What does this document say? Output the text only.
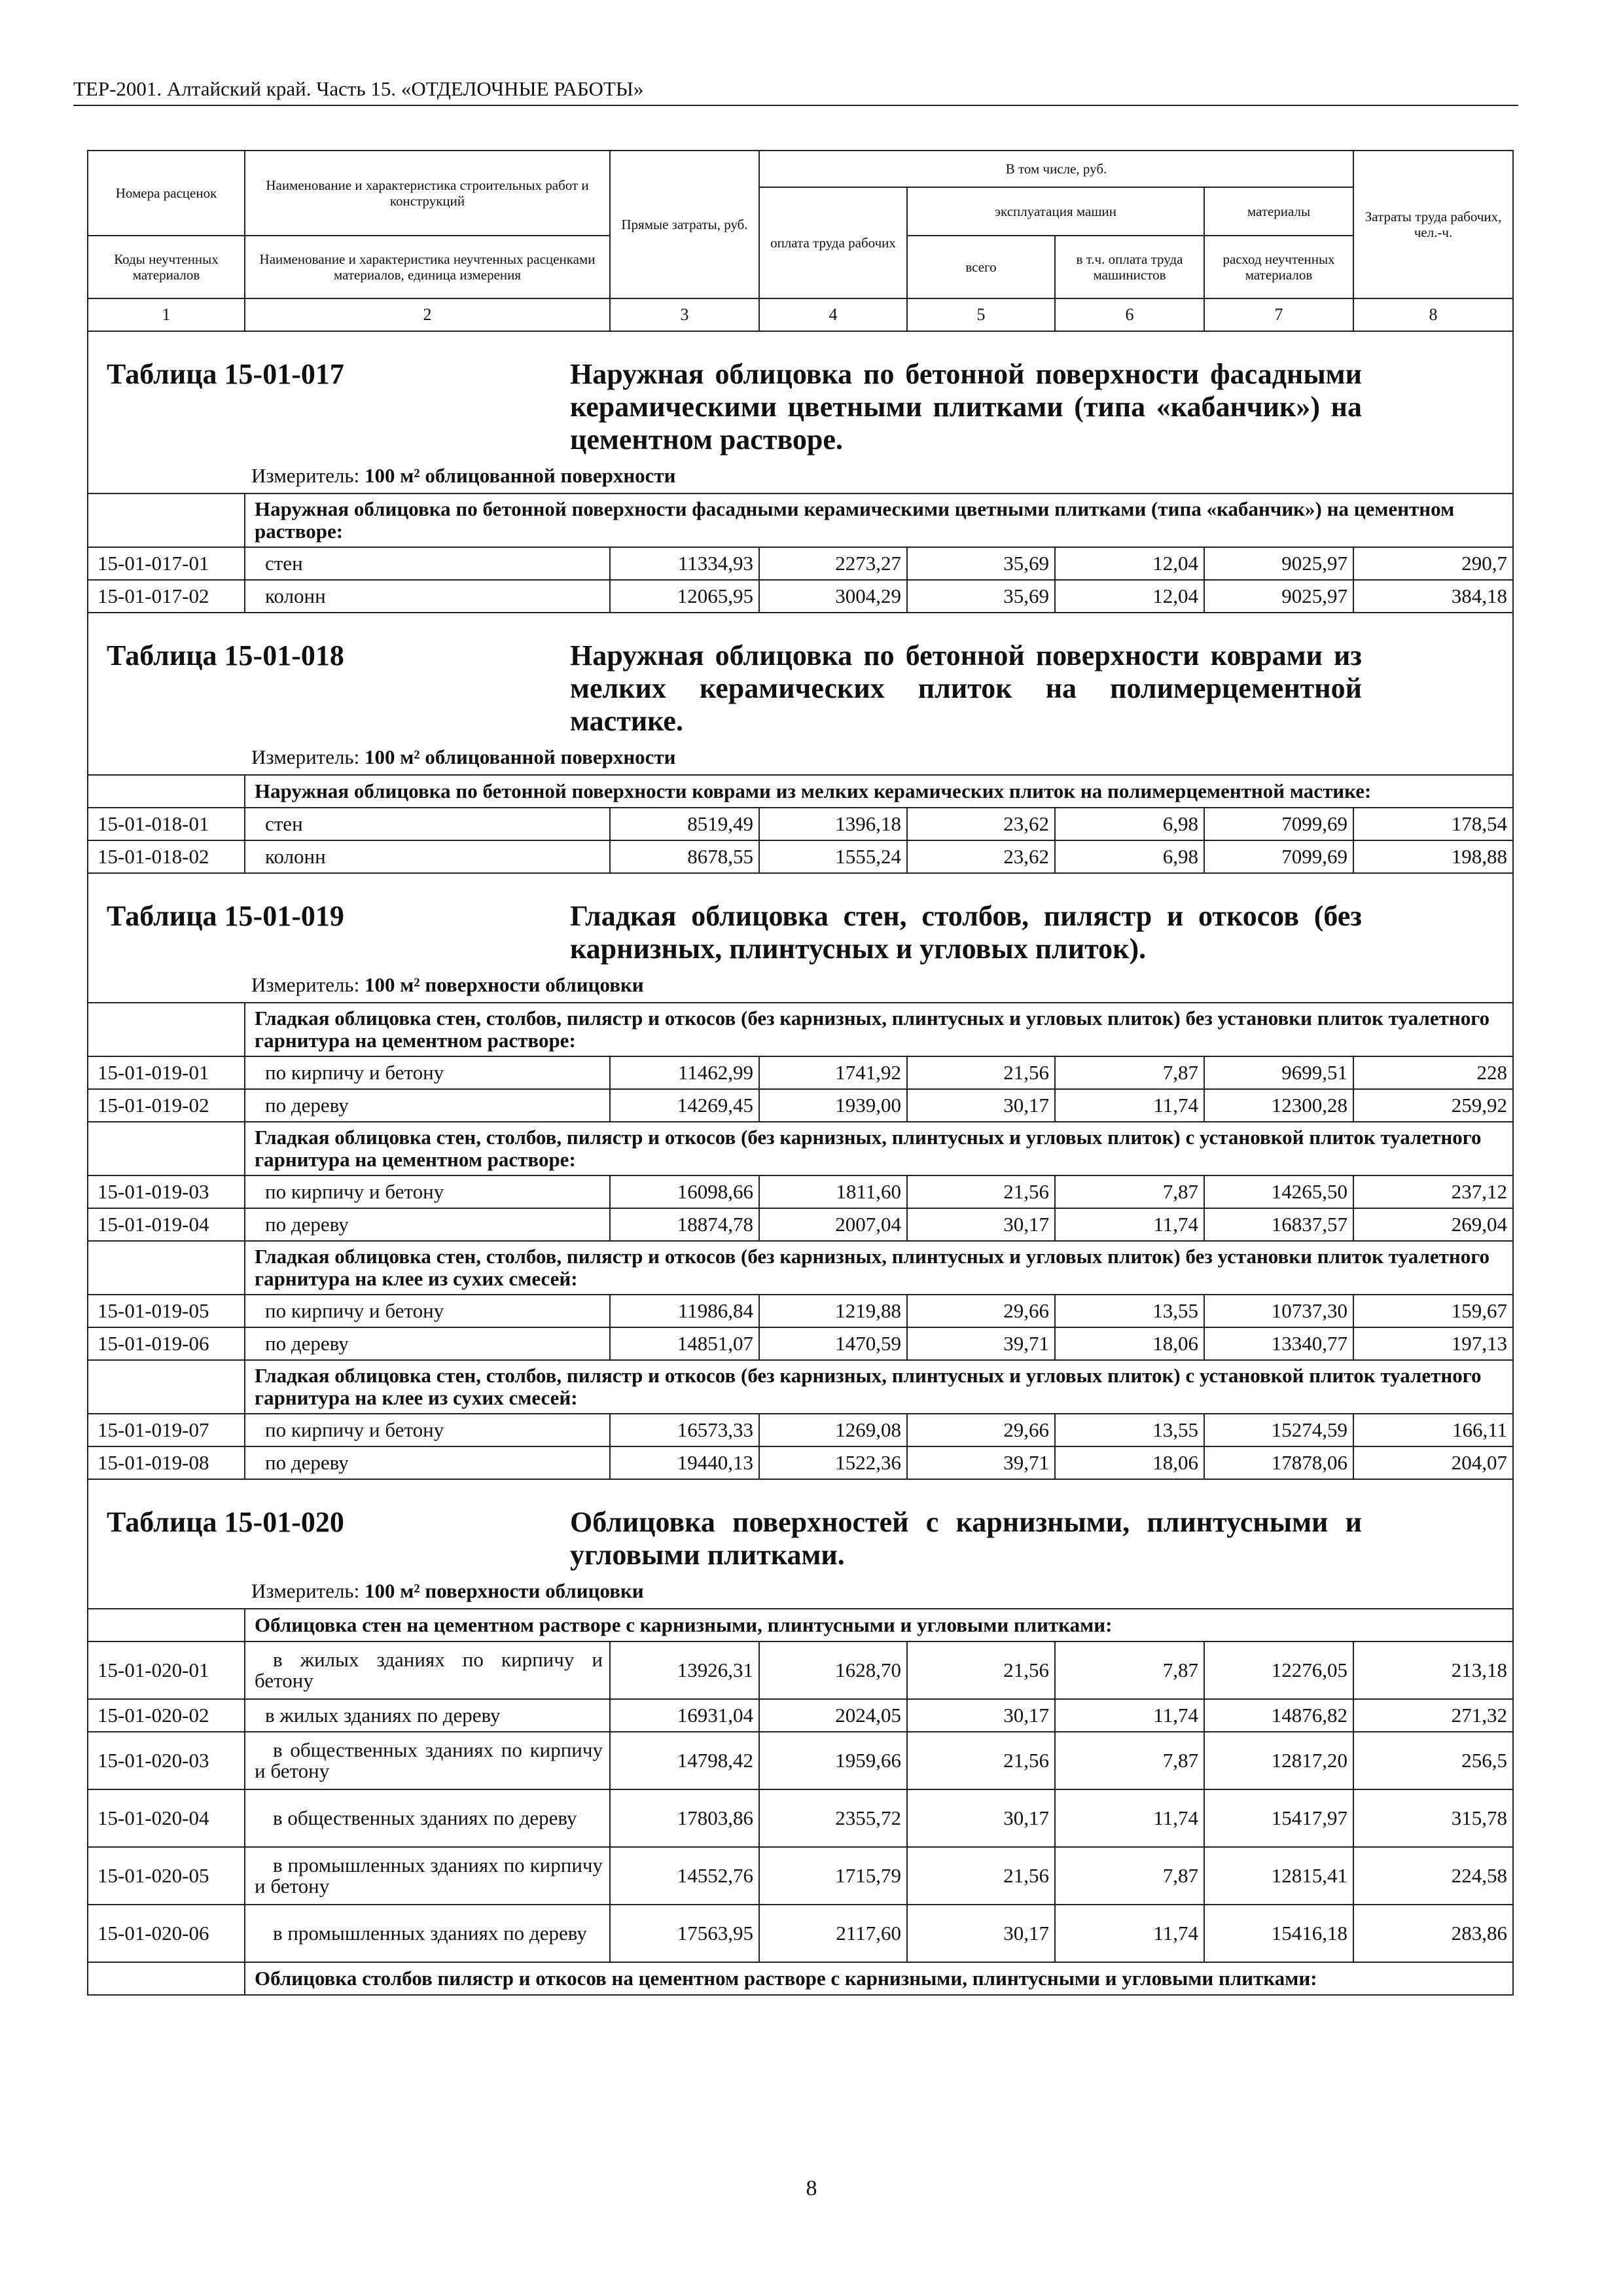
ТЕР-2001. Алтайский край. Часть 15. «ОТДЕЛОЧНЫЕ РАБОТЫ»
Номера расценок	Наименование и характеристика строительных работ и конструкций	Прямые затраты, руб.	В том числе, руб.				Затраты труда рабочих, чел.-ч.
			оплата труда рабочих	эксплуатация машин		материалы	
Коды неучтенных материалов	Наименование и характеристика неучтенных расценками материалов, единица измерения			всего	в т.ч. оплата труда машинистов	расход неучтенных материалов	
1	2	3	4	5	6	7	8

Таблица 15-01-017 Наружная облицовка по бетонной поверхности фасадными керамическими цветными плитками (типа «кабанчик») на цементном растворе.							

	Измеритель: 100 м² облицованной поверхности						
	Наружная облицовка по бетонной поверхности фасадными керамическими цветными плитками (типа «кабанчик») на цементном растворе:						
15-01-017-01	стен	11334,93	2273,27	35,69	12,04	9025,97	290,7
15-01-017-02	колонн	12065,95	3004,29	35,69	12,04	9025,97	384,18

Таблица 15-01-018 Наружная облицовка по бетонной поверхности коврами из мелких керамических плиток на полимерцементной мастике.							

	Измеритель: 100 м² облицованной поверхности						
	Наружная облицовка по бетонной поверхности коврами из мелких керамических плиток на полимерцементной мастике:						
15-01-018-01	стен	8519,49	1396,18	23,62	6,98	7099,69	178,54
15-01-018-02	колонн	8678,55	1555,24	23,62	6,98	7099,69	198,88

Таблица 15-01-019 Гладкая облицовка стен, столбов, пилястр и откосов (без карнизных, плинтусных и угловых плиток).							

	Измеритель: 100 м² поверхности облицовки						
	Гладкая облицовка стен, столбов, пилястр и откосов (без карнизных, плинтусных и угловых плиток) без установки плиток туалетного гарнитура на цементном растворе:						
15-01-019-01	по кирпичу и бетону	11462,99	1741,92	21,56	7,87	9699,51	228
15-01-019-02	по дереву	14269,45	1939,00	30,17	11,74	12300,28	259,92
	Гладкая облицовка стен, столбов, пилястр и откосов (без карнизных, плинтусных и угловых плиток) с установкой плиток туалетного гарнитура на цементном растворе:						
15-01-019-03	по кирпичу и бетону	16098,66	1811,60	21,56	7,87	14265,50	237,12
15-01-019-04	по дереву	18874,78	2007,04	30,17	11,74	16837,57	269,04
	Гладкая облицовка стен, столбов, пилястр и откосов (без карнизных, плинтусных и угловых плиток) без установки плиток туалетного гарнитура на клее из сухих смесей:						
15-01-019-05	по кирпичу и бетону	11986,84	1219,88	29,66	13,55	10737,30	159,67
15-01-019-06	по дереву	14851,07	1470,59	39,71	18,06	13340,77	197,13
	Гладкая облицовка стен, столбов, пилястр и откосов (без карнизных, плинтусных и угловых плиток) с установкой плиток туалетного гарнитура на клее из сухих смесей:						
15-01-019-07	по кирпичу и бетону	16573,33	1269,08	29,66	13,55	15274,59	166,11
15-01-019-08	по дереву	19440,13	1522,36	39,71	18,06	17878,06	204,07

Таблица 15-01-020 Облицовка поверхностей с карнизными, плинтусными и угловыми плитками.							

	Измеритель: 100 м² поверхности облицовки						
	Облицовка стен на цементном растворе с карнизными, плинтусными и угловыми плитками:						
15-01-020-01	в жилых зданиях по кирпичу и бетону	13926,31	1628,70	21,56	7,87	12276,05	213,18
15-01-020-02	в жилых зданиях по дереву	16931,04	2024,05	30,17	11,74	14876,82	271,32
15-01-020-03	в общественных зданиях по кирпичу и бетону	14798,42	1959,66	21,56	7,87	12817,20	256,5
15-01-020-04	в общественных зданиях по дереву	17803,86	2355,72	30,17	11,74	15417,97	315,78
15-01-020-05	в промышленных зданиях по кирпичу и бетону	14552,76	1715,79	21,56	7,87	12815,41	224,58
15-01-020-06	в промышленных зданиях по дереву	17563,95	2117,60	30,17	11,74	15416,18	283,86
	Облицовка столбов пилястр и откосов на цементном растворе с карнизными, плинтусными и угловыми плитками:						
8
